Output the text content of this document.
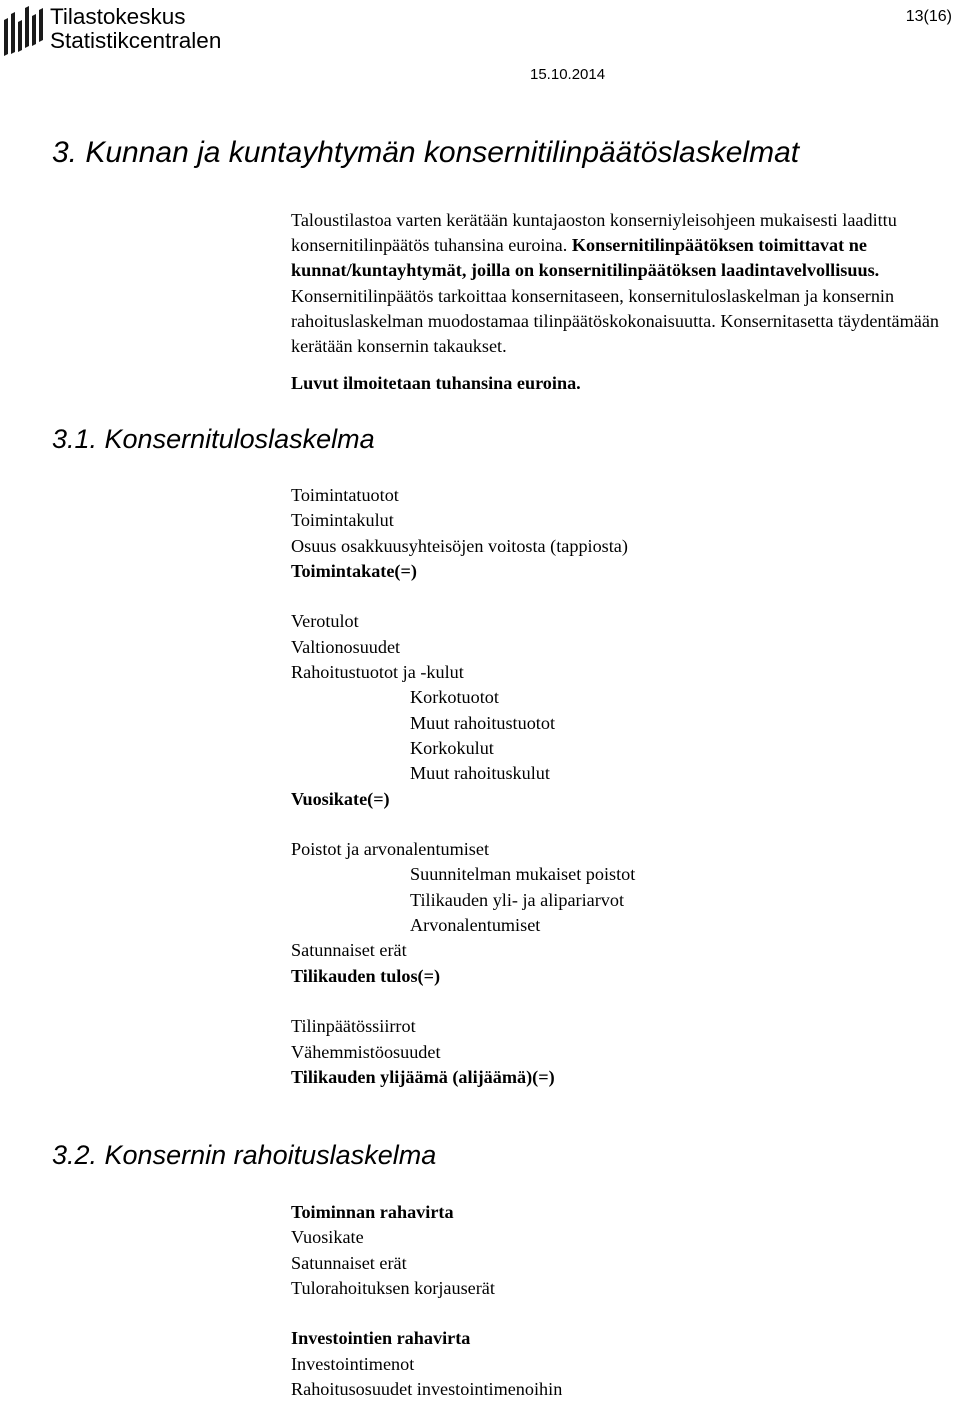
Tilastokeskus
Statistikcentralen
13(16)
15.10.2014
3. Kunnan ja kuntayhtymän konsernitilinpäätöslaskelmat

Taloustilastoa varten kerätään kuntajaoston konserniyleisohjeen mukaisesti laadittu konsernitilinpäätös tuhansina euroina. Konsernitilinpäätöksen toimittavat ne kunnat/kuntayhtymät, joilla on konsernitilinpäätöksen laadintavelvollisuus. Konsernitilinpäätös tarkoittaa konsernitaseen, konsernituloslaskelman ja konsernin rahoituslaskelman muodostamaa tilinpäätöskokonaisuutta. Konsernitasetta täydentämään kerätään konsernin takaukset.

Luvut ilmoitetaan tuhansina euroina.

3.1. Konsernituloslaskelma
Toimintatuotot
Toimintakulut
Osuus osakkuusyhteisöjen voitosta (tappiosta)
Toimintakate(=)
Verotulot
Valtionosuudet
Rahoitustuotot ja -kulut
Korkotuotot
Muut rahoitustuotot
Korkokulut
Muut rahoituskulut
Vuosikate(=)
Poistot ja arvonalentumiset
Suunnitelman mukaiset poistot
Tilikauden yli- ja alipariarvot
Arvonalentumiset
Satunnaiset erät
Tilikauden tulos(=)
Tilinpäätössiirrot
Vähemmistöosuudet
Tilikauden ylijäämä (alijäämä)(=)
3.2. Konsernin rahoituslaskelma
Toiminnan rahavirta
Vuosikate
Satunnaiset erät
Tulorahoituksen korjauserät
Investointien rahavirta
Investointimenot
Rahoitusosuudet investointimenoihin
